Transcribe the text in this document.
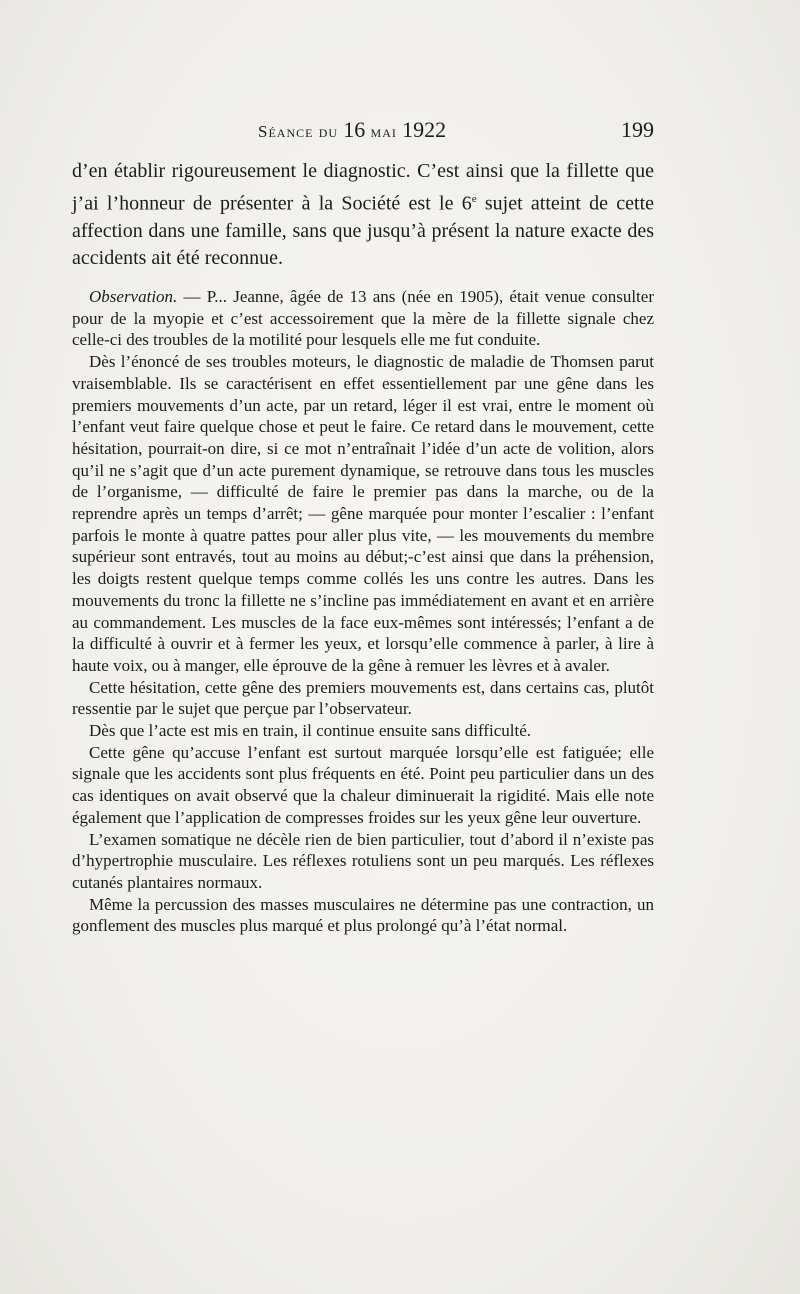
Séance du 16 mai 1922	199

d’en établir rigoureusement le diagnostic. C’est ainsi que la fillette que j’ai l’honneur de présenter à la Société est le 6e sujet atteint de cette affection dans une famille, sans que jusqu’à présent la nature exacte des accidents ait été reconnue.

Observation. — P... Jeanne, âgée de 13 ans (née en 1905), était venue consulter pour de la myopie et c’est accessoirement que la mère de la fillette signale chez celle-ci des troubles de la motilité pour lesquels elle me fut conduite.

Dès l’énoncé de ses troubles moteurs, le diagnostic de maladie de Thomsen parut vraisemblable. Ils se caractérisent en effet essentiellement par une gêne dans les premiers mouvements d’un acte, par un retard, léger il est vrai, entre le moment où l’enfant veut faire quelque chose et peut le faire. Ce retard dans le mouvement, cette hésitation, pourrait-on dire, si ce mot n’entraînait l’idée d’un acte de volition, alors qu’il ne s’agit que d’un acte purement dynamique, se retrouve dans tous les muscles de l’organisme, — difficulté de faire le premier pas dans la marche, ou de la reprendre après un temps d’arrêt; — gêne marquée pour monter l’escalier : l’enfant parfois le monte à quatre pattes pour aller plus vite, — les mouvements du membre supérieur sont entravés, tout au moins au début;-c’est ainsi que dans la préhension, les doigts restent quelque temps comme collés les uns contre les autres. Dans les mouvements du tronc la fillette ne s’incline pas immédiatement en avant et en arrière au commandement. Les muscles de la face eux-mêmes sont intéressés; l’enfant a de la difficulté à ouvrir et à fermer les yeux, et lorsqu’elle commence à parler, à lire à haute voix, ou à manger, elle éprouve de la gêne à remuer les lèvres et à avaler.

Cette hésitation, cette gêne des premiers mouvements est, dans certains cas, plutôt ressentie par le sujet que perçue par l’observateur.

Dès que l’acte est mis en train, il continue ensuite sans difficulté.

Cette gêne qu’accuse l’enfant est surtout marquée lorsqu’elle est fatiguée; elle signale que les accidents sont plus fréquents en été. Point peu particulier dans un des cas identiques on avait observé que la chaleur diminuerait la rigidité. Mais elle note également que l’application de compresses froides sur les yeux gêne leur ouverture.

L’examen somatique ne décèle rien de bien particulier, tout d’abord il n’existe pas d’hypertrophie musculaire. Les réflexes rotuliens sont un peu marqués. Les réflexes cutanés plantaires normaux.

Même la percussion des masses musculaires ne détermine pas une contraction, un gonflement des muscles plus marqué et plus prolongé qu’à l’état normal.
